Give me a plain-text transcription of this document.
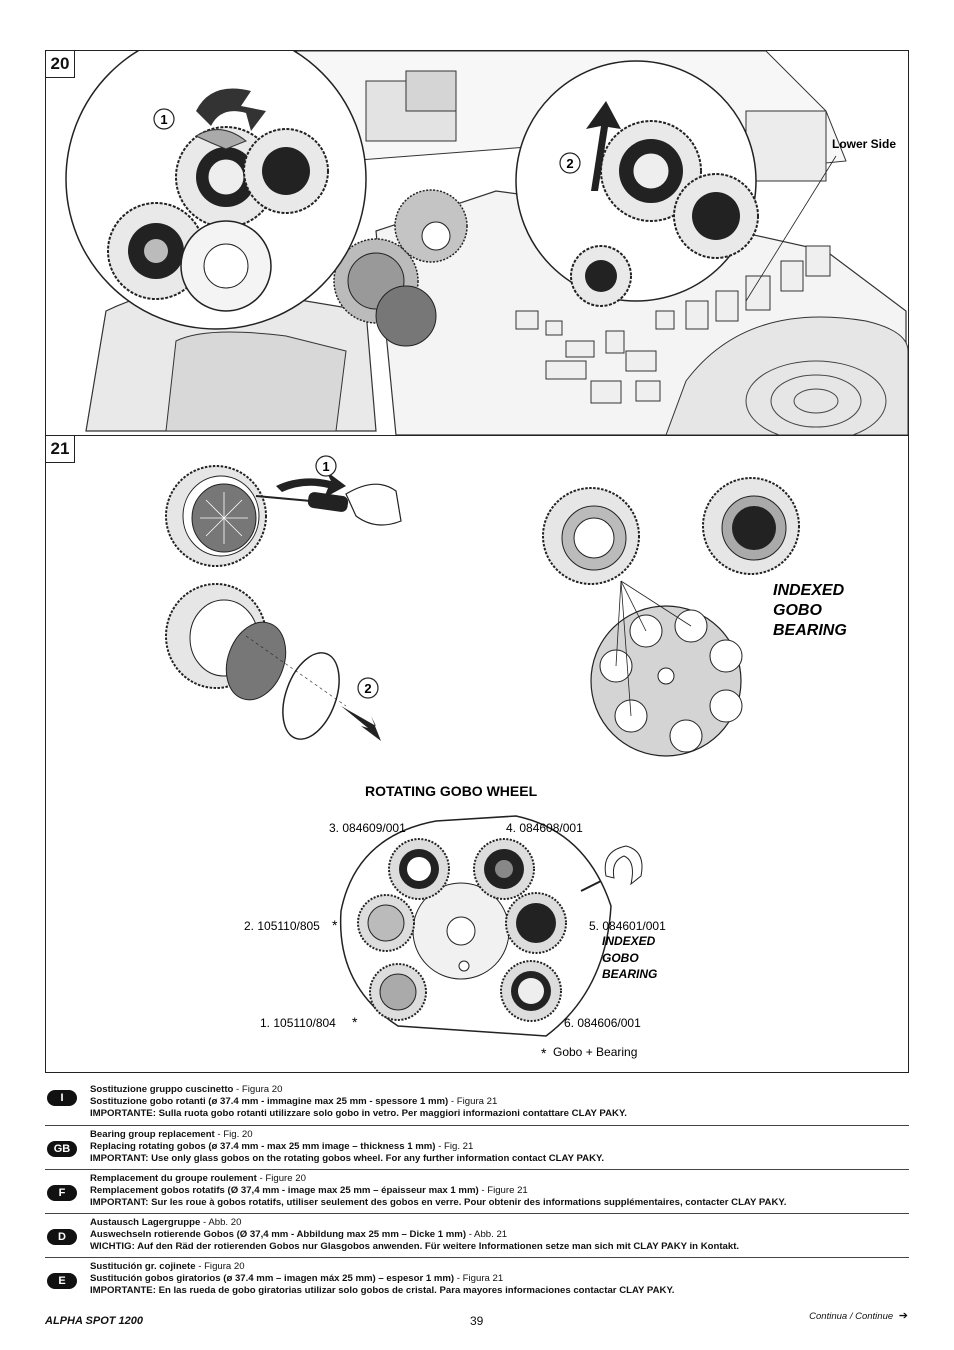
1
2
Lower Side
20
1
2
INDEXED
GOBO
BEARING
ROTATING GOBO WHEEL
3. 084609/001	4. 084608/001
2. 105110/805 *	5. 084601/001
INDEXED
GOBO
BEARING
1. 105110/804 *	6. 084606/001
* Gobo + Bearing
21
I
Sostituzione gruppo cuscinetto - Figura 20
Sostituzione gobo rotanti (ø 37.4 mm - immagine max 25 mm - spessore 1 mm) - Figura 21
IMPORTANTE: Sulla ruota gobo rotanti utilizzare solo gobo in vetro. Per maggiori informazioni contattare CLAY PAKY.
GB
Bearing group replacement - Fig. 20
Replacing rotating gobos (ø 37.4 mm - max 25 mm image – thickness 1 mm) - Fig. 21
IMPORTANT: Use only glass gobos on the rotating gobos wheel. For any further information contact CLAY PAKY.
F
Remplacement du groupe roulement - Figure 20
Remplacement gobos rotatifs (Ø 37,4 mm - image max 25 mm – épaisseur max 1 mm) - Figure 21
IMPORTANT: Sur les roue à gobos rotatifs, utiliser seulement des gobos en verre. Pour obtenir des informations supplémentaires, contacter CLAY PAKY.
D
Austausch Lagergruppe - Abb. 20
Auswechseln rotierende Gobos (Ø 37,4 mm - Abbildung max 25 mm – Dicke 1 mm) - Abb. 21
WICHTIG: Auf den Räd der rotierenden Gobos nur Glasgobos anwenden. Für weitere Informationen setze man sich mit CLAY PAKY in Kontakt.
E
Sustitución gr. cojinete - Figura 20
Sustitución gobos giratorios (ø 37.4 mm – imagen máx 25 mm) – espesor 1 mm) - Figura 21
IMPORTANTE: En las rueda de gobo giratorias utilizar solo gobos de cristal. Para mayores informaciones contactar CLAY PAKY.
ALPHA SPOT 1200	39	Continua / Continue ➔
